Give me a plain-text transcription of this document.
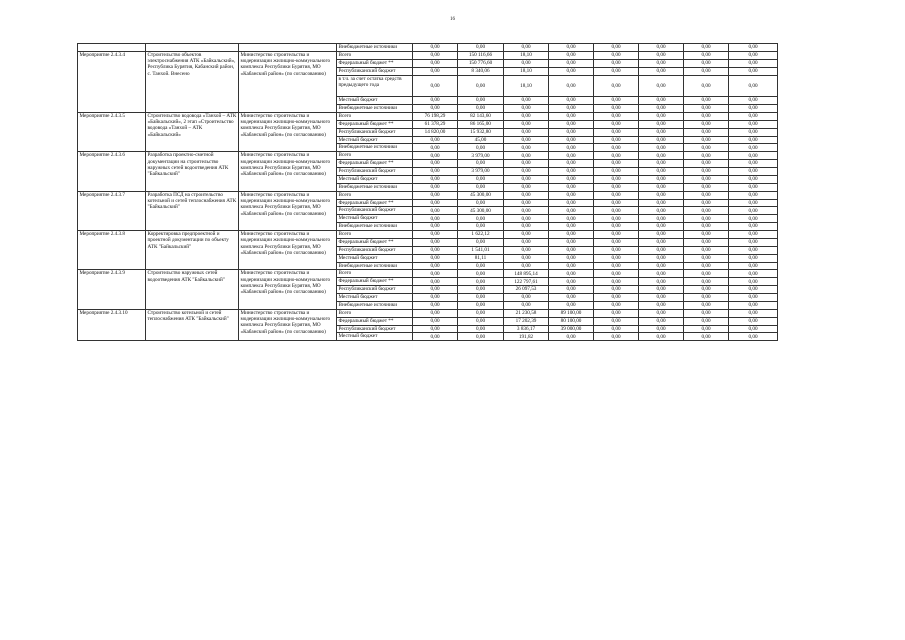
16
			Внебюджетные источники	0,00	0,00	0,00	0,00	0,00	0,00	0,00	0,00
Мероприятие 2.4.3.4	Строительство объектов электроснабжения АТК «Байкальский», Республика Бурятия, Кабанский район, с. Танхой. Внесено	Министерство строительства и модернизации жилищно-коммунального комплекса Республики Бурятия, МО «Кабанский район» (по согласованию)	Всего	0,00	150 116,66	18,10	0,00	0,00	0,00	0,00	0,00
			Федеральный бюджет **	0,00	150 776,60	0,00	0,00	0,00	0,00	0,00	0,00
			Республиканский бюджет	0,00	8 340,06	18,10	0,00	0,00	0,00	0,00	0,00
			в т.ч. за счет остатка средств предыдущего года	0,00	0,00	18,10	0,00	0,00	0,00	0,00	0,00
			Местный бюджет	0,00	0,00	0,00	0,00	0,00	0,00	0,00	0,00
			Внебюджетные источники	0,00	0,00	0,00	0,00	0,00	0,00	0,00	0,00
Мероприятие 2.4.3.5	Строительство водовода «Танхой – АТК «Байкальский», 2 этап «Строительство водовода «Танхой – АТК «Байкальский»	Министерство строительства и модернизации жилищно-коммунального комплекса Республики Бурятия, МО «Кабанский район» (по согласованию)	Всего	76 198,29	82 143,60	0,00	0,00	0,00	0,00	0,00	0,00
			Федеральный бюджет **	61 378,29	86 165,00	0,00	0,00	0,00	0,00	0,00	0,00
			Республиканский бюджет	14 820,00	15 932,80	0,00	0,00	0,00	0,00	0,00	0,00
			Местный бюджет	0,00	45,00	0,00	0,00	0,00	0,00	0,00	0,00
			Внебюджетные источники	0,00	0,00	0,00	0,00	0,00	0,00	0,00	0,00
Мероприятие 2.4.3.6	Разработка проектно-сметной документации на строительство наружных сетей водоотведения АТК "Байкальский"	Министерство строительства и модернизации жилищно-коммунального комплекса Республики Бурятия, МО «Кабанский район» (по согласованию)	Всего	0,00	3 979,00	0,00	0,00	0,00	0,00	0,00	0,00
			Федеральный бюджет **	0,00	0,00	0,00	0,00	0,00	0,00	0,00	0,00
			Республиканский бюджет	0,00	3 979,00	0,00	0,00	0,00	0,00	0,00	0,00
			Местный бюджет	0,00	0,00	0,00	0,00	0,00	0,00	0,00	0,00
			Внебюджетные источники	0,00	0,00	0,00	0,00	0,00	0,00	0,00	0,00
Мероприятие 2.4.3.7	Разработка ПСД на строительство котельной и сетей теплоснабжения АТК "Байкальский"	Министерство строительства и модернизации жилищно-коммунального комплекса Республики Бурятия, МО «Кабанский район» (по согласованию)	Всего	0,00	45 300,00	0,00	0,00	0,00	0,00	0,00	0,00
			Федеральный бюджет **	0,00	0,00	0,00	0,00	0,00	0,00	0,00	0,00
			Республиканский бюджет	0,00	45 300,00	0,00	0,00	0,00	0,00	0,00	0,00
			Местный бюджет	0,00	0,00	0,00	0,00	0,00	0,00	0,00	0,00
			Внебюджетные источники	0,00	0,00	0,00	0,00	0,00	0,00	0,00	0,00
Мероприятие 2.4.3.8	Корректировка предпроектной и проектной документации по объекту АТК "Байкальский"	Министерство строительства и модернизации жилищно-коммунального комплекса Республики Бурятия, МО «Кабанский район» (по согласованию)	Всего	0,00	1 622,12	0,00	0,00	0,00	0,00	0,00	0,00
			Федеральный бюджет **	0,00	0,00	0,00	0,00	0,00	0,00	0,00	0,00
			Республиканский бюджет	0,00	1 541,01	0,00	0,00	0,00	0,00	0,00	0,00
			Местный бюджет	0,00	81,11	0,00	0,00	0,00	0,00	0,00	0,00
			Внебюджетные источники	0,00	0,00	0,00	0,00	0,00	0,00	0,00	0,00
Мероприятие 2.4.3.9	Строительство наружных сетей водоотведения АТК "Байкальский"	Министерство строительства и модернизации жилищно-коммунального комплекса Республики Бурятия, МО «Кабанский район» (по согласованию)	Всего	0,00	0,00	148 895,14	0,00	0,00	0,00	0,00	0,00
			Федеральный бюджет **	0,00	0,00	122 797,61	0,00	0,00	0,00	0,00	0,00
			Республиканский бюджет	0,00	0,00	26 097,53	0,00	0,00	0,00	0,00	0,00
			Местный бюджет	0,00	0,00	0,00	0,00	0,00	0,00	0,00	0,00
			Внебюджетные источники	0,00	0,00	0,00	0,00	0,00	0,00	0,00	0,00
Мероприятие 2.4.3.10	Строительство котельной и сетей теплоснабжения АТК "Байкальский"	Министерство строительства и модернизации жилищно-коммунального комплекса Республики Бурятия, МО «Кабанский район» (по согласованию)	Всего	0,00	0,00	21 230,58	89 100,00	0,00	0,00	0,00	0,00
			Федеральный бюджет **	0,00	0,00	17 202,39	80 100,00	0,00	0,00	0,00	0,00
			Республиканский бюджет	0,00	0,00	3 836,17	39 000,00	0,00	0,00	0,00	0,00
			Местный бюджет	0,00	0,00	191,82	0,00	0,00	0,00	0,00	0,00
